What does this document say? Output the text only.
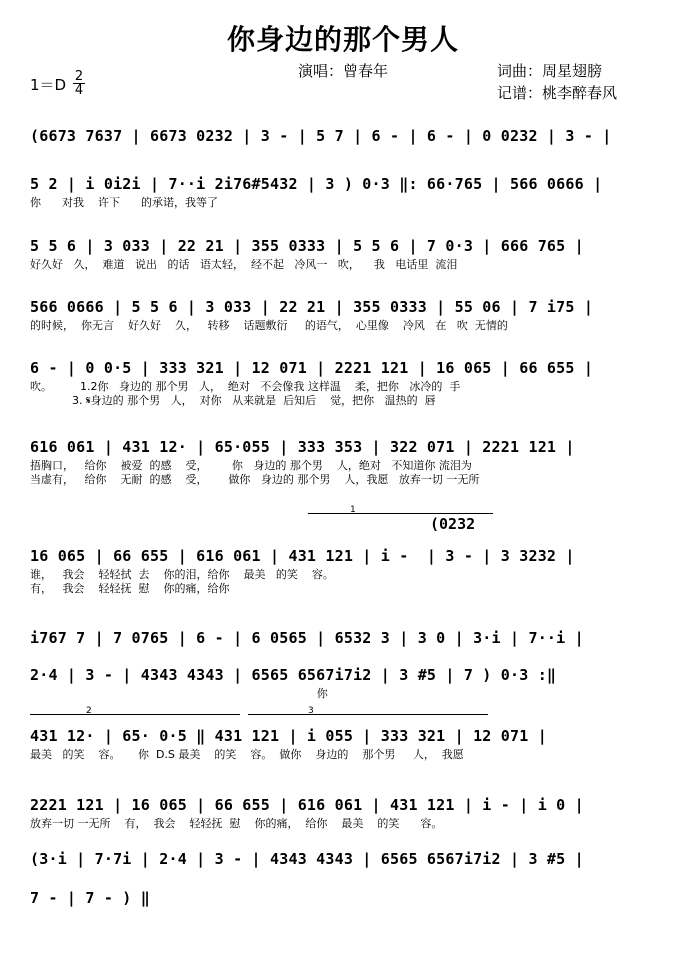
你身边的那个男人
演唱：曾春年	词曲：周星翅膀
记谱：桃李醉春风
$1=D \frac{2}{4}$
(6673 7637 | 6673 0232 | 3 - | 5 7 | 6 - | 6 - | 0 0232 | 3 - |
5 2 | i 0i2i | 7··i 2i76#5432 | 3 ) 0·3 ‖: 66·765 | 566 0666 |
你      对我    许下      的承诺，我等了
5 5 6 | 3 033 | 22 21 | 355 0333 | 5 5 6 | 7 0·3 | 666 765 |
好久好   久，  难道   说出   的话   语太轻，  经不起   冷风一   吹，    我   电话里  流泪
566 0666 | 5 5 6 | 3 033 | 22 21 | 355 0333 | 55 06 | 7 i75 |
的时候，  你无言    好久好    久，   转移    话题敷衍     的语气，  心里像    冷风   在   吹  无情的
6 - | 0 0·5 | 333 321 | 12 071 | 2221 121 | 16 065 | 66 655 |
吹。        1.2你   身边的 那个男   人，  绝对   不会像我 这样温    柔，把你   冰冷的  手
3. 𝄋身边的 那个男   人，  对你   从来就是  后知后    觉，把你   温热的  唇
616 061 | 431 12· | 65·055 | 333 353 | 322 071 | 2221 121 |
捂胸口，   给你    被爱  的感    受，       你   身边的 那个男    人，绝对   不知道你 流泪为
当虚有，   给你    无耐  的感    受，      做你   身边的 那个男    人，我愿   放弃一切 一无所
16 065 | 66 655 | 616 061 | 431 121 | i -  | 3 - | 3 3232 |
谁，   我会    轻轻拭  去    你的泪，给你    最美   的笑    容。
有，   我会    轻轻抚  慰    你的痛，给你
i767 7 | 7 0765 | 6 - | 6 0565 | 6532 3 | 3 0 | 3·i | 7··i |
2·4 | 3 - | 4343 4343 | 6565 6567i7i2 | 3 #5 | 7 ) 0·3 :‖
你
431 12· | 65· 0·5 ‖ 431 121 | i 055 | 333 321 | 12 071 |
最美   的笑    容。     你  D.S 最美    的笑    容。  做你    身边的    那个男     人，  我愿
2221 121 | 16 065 | 66 655 | 616 061 | 431 121 | i - | i 0 |
放弃一切 一无所    有，  我会    轻轻抚  慰    你的痛，  给你    最美    的笑      容。
(3·i | 7·7i | 2·4 | 3 - | 4343 4343 | 6565 6567i7i2 | 3 #5 |
7 - | 7 - ) ‖
(0232
1
2	3
